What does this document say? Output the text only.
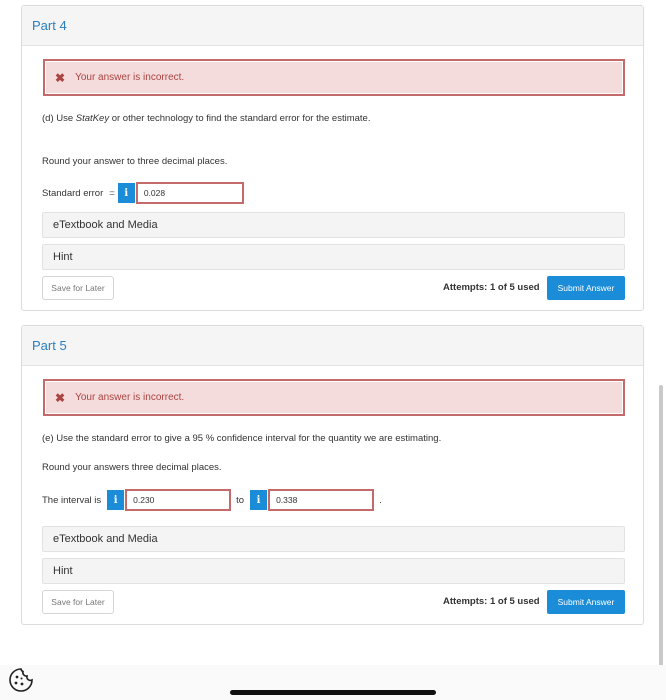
Part 4
✖ Your answer is incorrect.
(d) Use StatKey or other technology to find the standard error for the estimate.
Round your answer to three decimal places.
Standard error = i	0.028
eTextbook and Media
Hint
Save for Later	Attempts: 1 of 5 used	Submit Answer
Part 5
✖ Your answer is incorrect.
(e) Use the standard error to give a 95 % confidence interval for the quantity we are estimating.
Round your answers three decimal places.
The interval is	i	0.230	to	i	0.338	.
eTextbook and Media
Hint
Save for Later	Attempts: 1 of 5 used	Submit Answer
